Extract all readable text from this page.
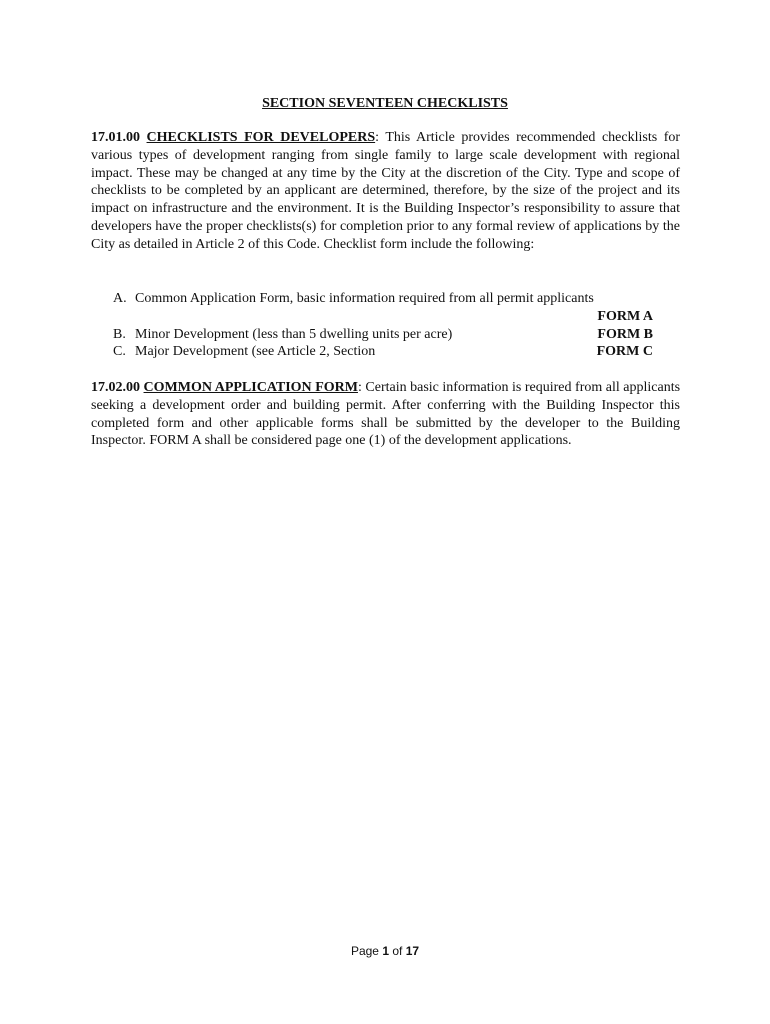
SECTION SEVENTEEN CHECKLISTS
17.01.00 CHECKLISTS FOR DEVELOPERS: This Article provides recommended checklists for various types of development ranging from single family to large scale development with regional impact. These may be changed at any time by the City at the discretion of the City. Type and scope of checklists to be completed by an applicant are determined, therefore, by the size of the project and its impact on infrastructure and the environment. It is the Building Inspector’s responsibility to assure that developers have the proper checklists(s) for completion prior to any formal review of applications by the City as detailed in Article 2 of this Code. Checklist form include the following:
A. Common Application Form, basic information required from all permit applicants
FORM A
B. Minor Development (less than 5 dwelling units per acre)	FORM B
C. Major Development (see Article 2, Section	FORM C
17.02.00 COMMON APPLICATION FORM: Certain basic information is required from all applicants seeking a development order and building permit. After conferring with the Building Inspector this completed form and other applicable forms shall be submitted by the developer to the Building Inspector. FORM A shall be considered page one (1) of the development applications.
Page 1 of 17
